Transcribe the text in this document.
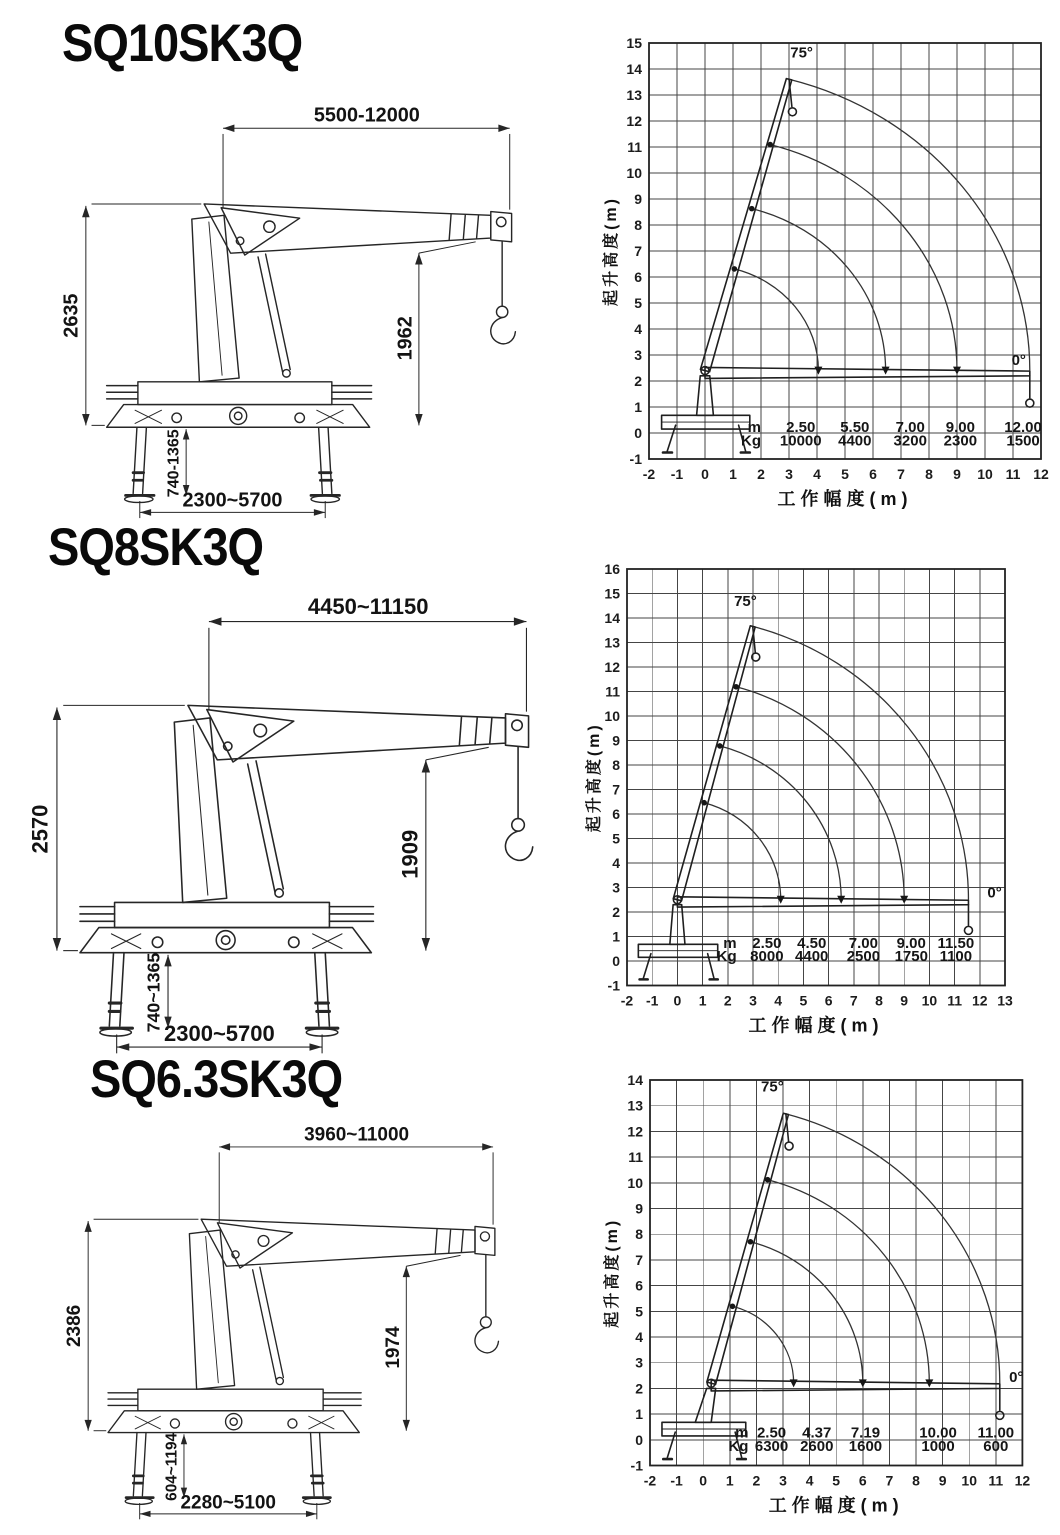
SQ10SK3Q
5500-12000
2635
1962
740-1365
2300~5700
-2 -1 0 1 2 3 4 5 6 7 8 9 10 11 12
-1
0
1
2
3
4
5
6
7
8
9
10
11
12
13
14
15
工作幅度(m)
起升高度(m)
75°
0°
m
Kg
2.50 5.50 7.00 9.00 12.00
10000 4400 3200 2300 1500
SQ8SK3Q
4450~11150
2570
1909
740~1365
2300~5700
-2 -1 0 1 2 3 4 5 6 7 8 9 10 11 12 13
-1
0
1
2
3
4
5
6
7
8
9
10
11
12
13
14
15
16
工作幅度(m)
起升高度(m)
75°
0°
m
Kg
2.50 4.50 7.00 9.00 11.50
8000 4400 2500 1750 1100
SQ6.3SK3Q
3960~11000
2386
1974
604~1194
2280~5100
-2 -1 0 1 2 3 4 5 6 7 8 9 10 11 12
-1
0
1
2
3
4
5
6
7
8
9
10
11
12
13
14
工作幅度(m)
起升高度(m)
75°
0°
m
Kg
2.50 4.37 7.19	10.00 11.00
6300 2600 1600	1000 600
